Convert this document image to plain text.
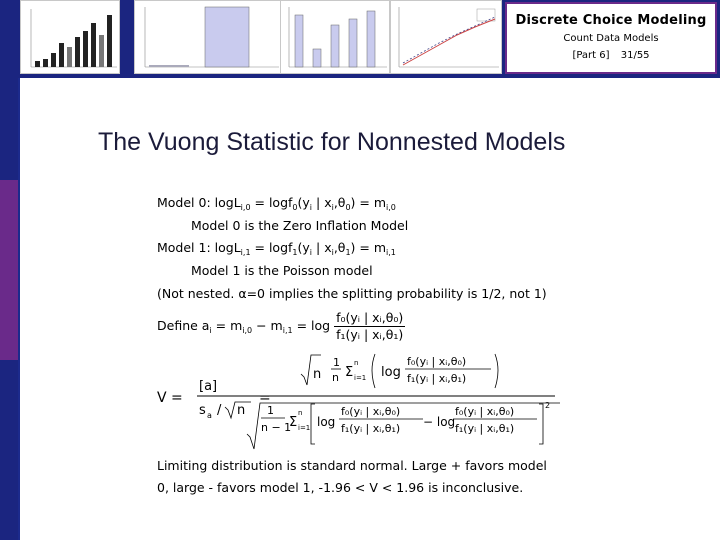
Discrete Choice Modeling
Count Data Models
[Part 6] 31/55
The Vuong Statistic for Nonnested Models
Model 0: $\log L_{i,0} = \log f_0(y_i$ | $x_i,\theta_0) = m_{i,0}$
Model 0 is the Zero Inflation Model
Model 1: $\log L_{i,1} = \log f_1(y_i$ | $x_i,\theta_1) = m_{i,1}$
Model 1 is the Poisson model
(Not nested. α=0 implies the splitting probability is 1/2, not 1)
Define $a_i = m_{i,0} - m_{i,1} = \log \frac{\text{f₀(yᵢ | xᵢ,θ₀)}}{\text{f₁(yᵢ | xᵢ,θ₁)}}$
V =
[a]
s a / n
=
n
1
n Σ
n
i=1 log
f₀(yᵢ | xᵢ,θ₀)
f₁(yᵢ | xᵢ,θ₁)
1
n − 1
Σ
n
i=1 log
f₀(yᵢ | xᵢ,θ₀)
f₁(yᵢ | xᵢ,θ₁) − log
f₀(yᵢ | xᵢ,θ₀)
f₁(yᵢ | xᵢ,θ₁)
2
Limiting distribution is standard normal. Large + favors model
0, large - favors model 1, -1.96 < V < 1.96 is inconclusive.
